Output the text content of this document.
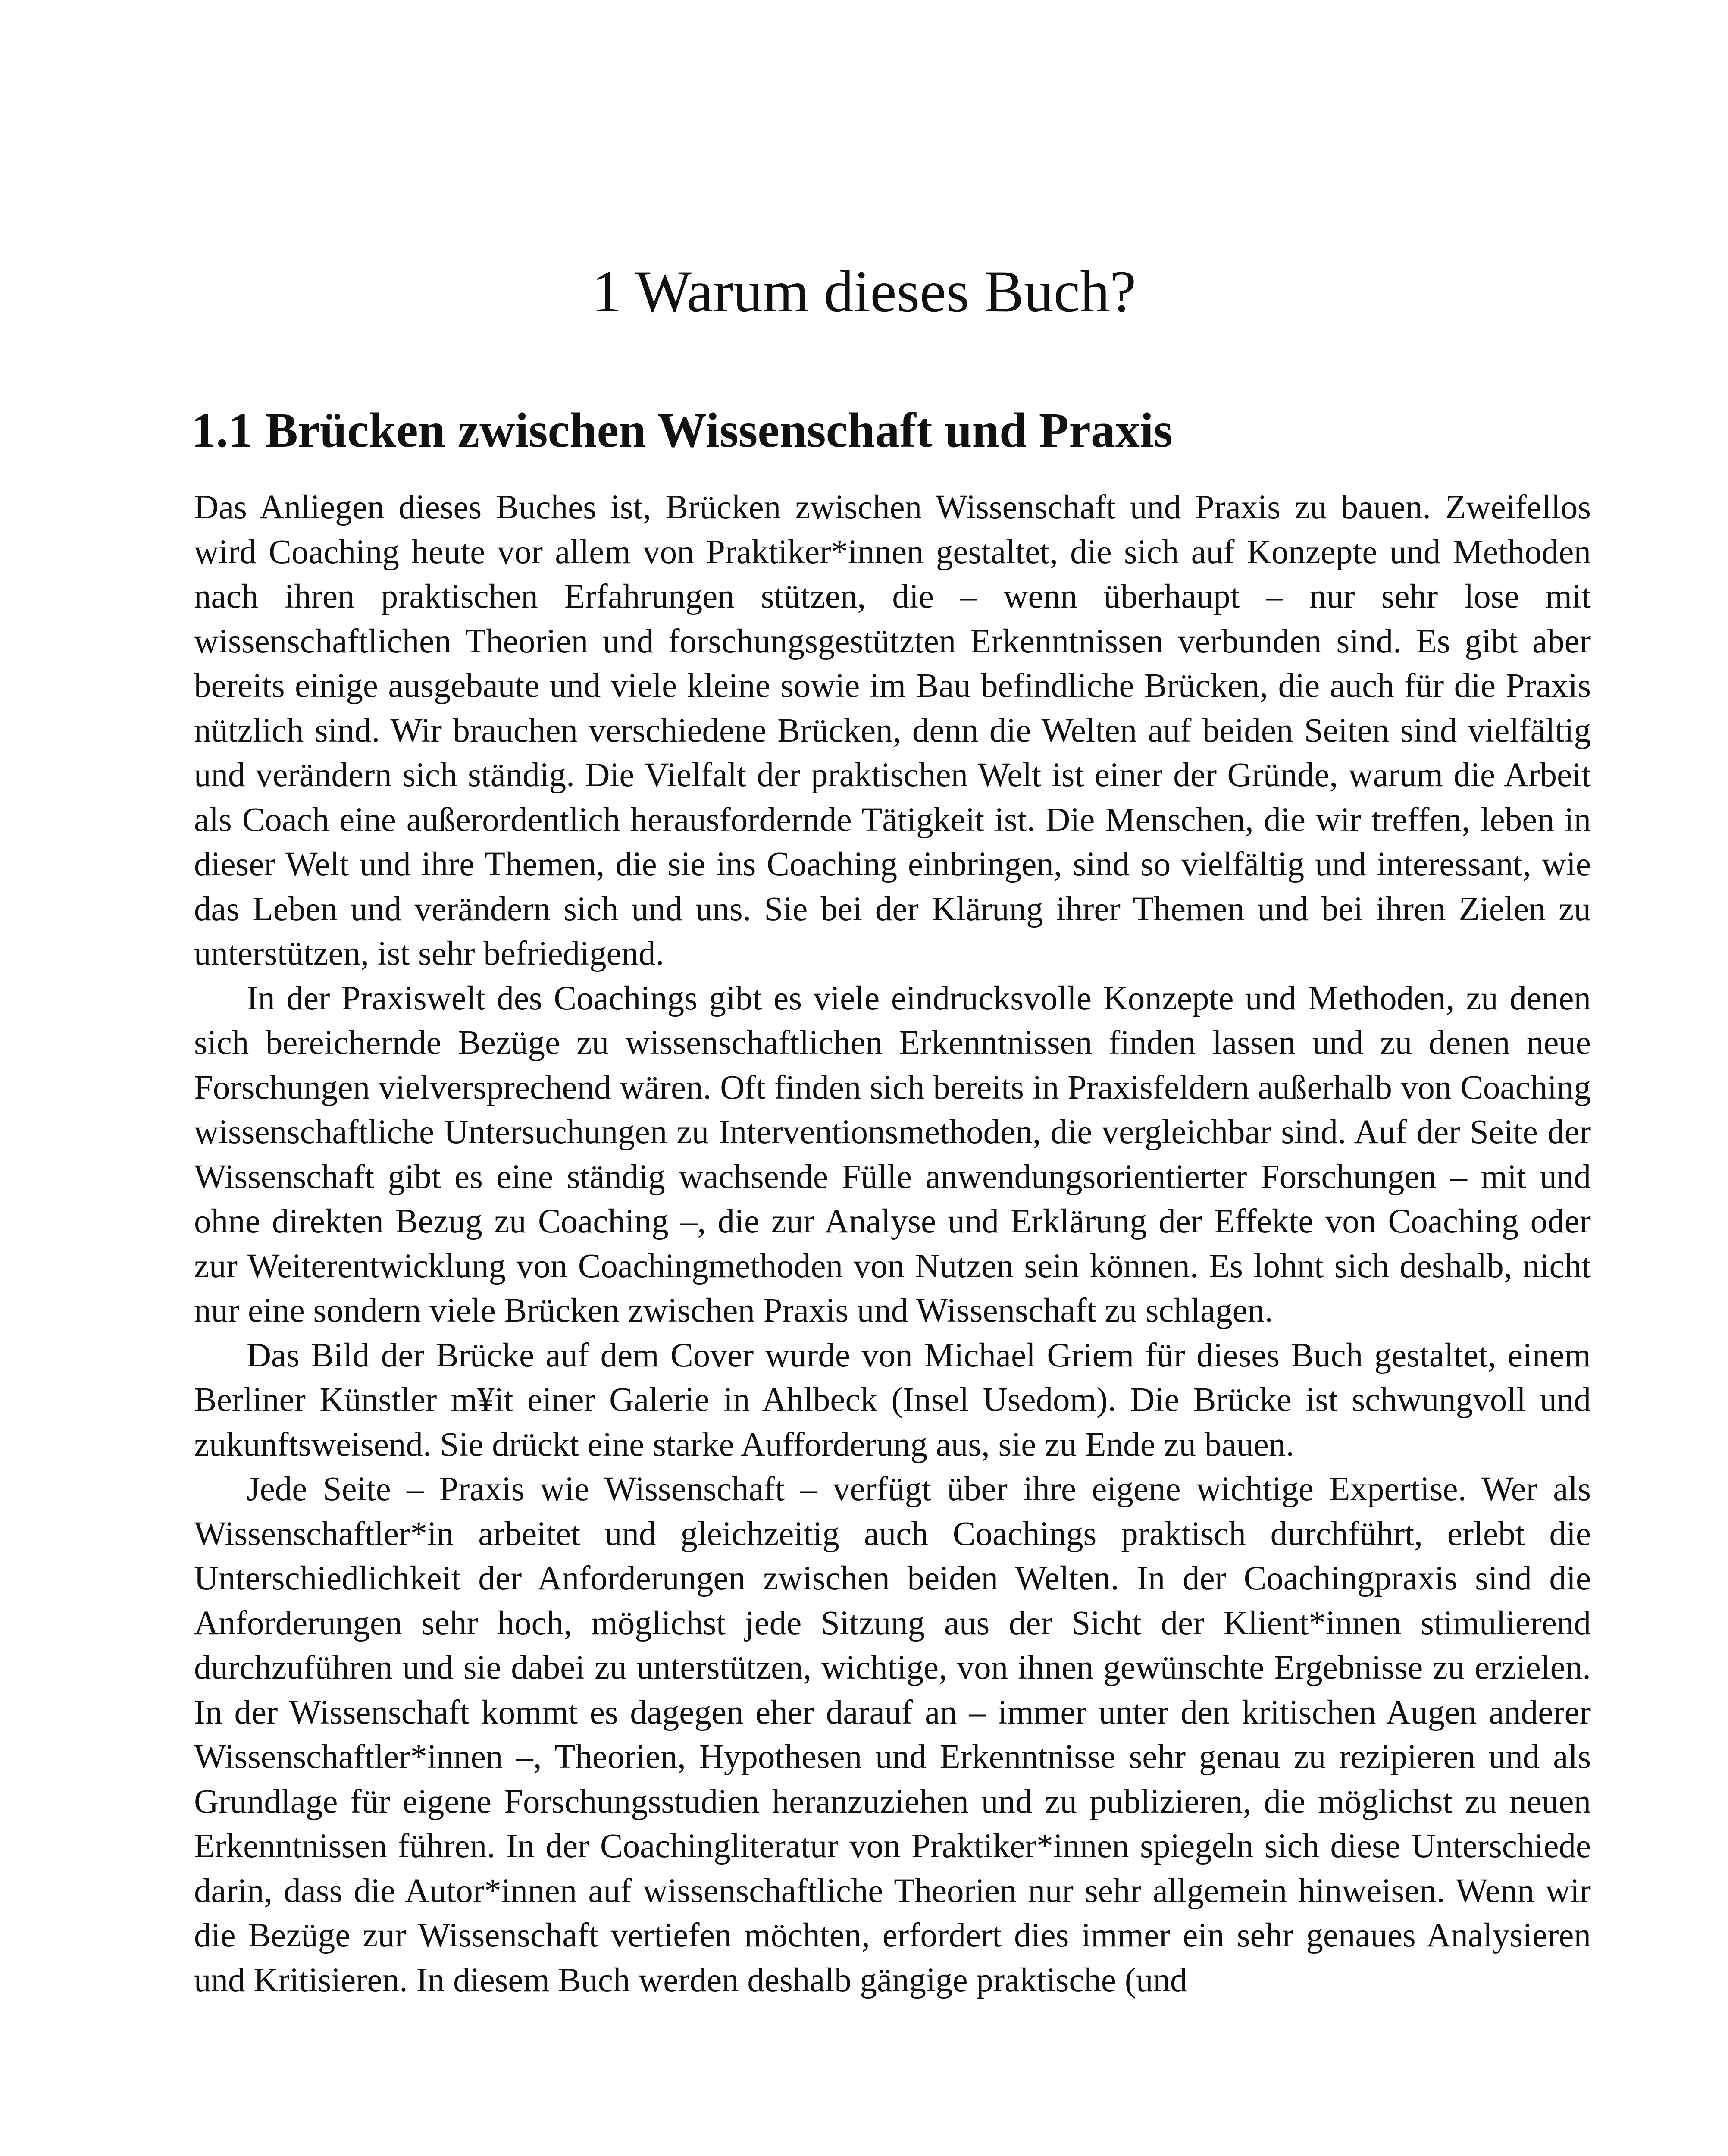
1 Warum dieses Buch?
1.1 Brücken zwischen Wissenschaft und Praxis

Das Anliegen dieses Buches ist, Brücken zwischen Wissenschaft und Praxis zu bauen. Zweifellos wird Coaching heute vor allem von Praktiker*innen gestaltet, die sich auf Konzepte und Methoden nach ihren praktischen Erfahrungen stützen, die – wenn überhaupt – nur sehr lose mit wissenschaftlichen Theorien und forschungsgestützten Erkenntnissen verbunden sind. Es gibt aber bereits einige ausgebaute und viele kleine sowie im Bau befindliche Brücken, die auch für die Praxis nützlich sind. Wir brauchen verschiedene Brücken, denn die Welten auf beiden Seiten sind vielfältig und verändern sich ständig. Die Vielfalt der praktischen Welt ist einer der Gründe, warum die Arbeit als Coach eine außerordentlich herausfordernde Tätigkeit ist. Die Menschen, die wir treffen, leben in dieser Welt und ihre Themen, die sie ins Coaching einbringen, sind so vielfältig und interessant, wie das Leben und verändern sich und uns. Sie bei der Klärung ihrer Themen und bei ihren Zielen zu unterstützen, ist sehr befriedigend.

In der Praxiswelt des Coachings gibt es viele eindrucksvolle Konzepte und Methoden, zu denen sich bereichernde Bezüge zu wissenschaftlichen Erkenntnissen finden lassen und zu denen neue Forschungen vielversprechend wären. Oft finden sich bereits in Praxisfeldern außerhalb von Coaching wissenschaftliche Untersuchungen zu Interventionsmethoden, die vergleichbar sind. Auf der Seite der Wissenschaft gibt es eine ständig wachsende Fülle anwendungsorientierter Forschungen – mit und ohne direkten Bezug zu Coaching –, die zur Analyse und Erklärung der Effekte von Coaching oder zur Weiterentwicklung von Coachingmethoden von Nutzen sein können. Es lohnt sich deshalb, nicht nur eine sondern viele Brücken zwischen Praxis und Wissenschaft zu schlagen.

Das Bild der Brücke auf dem Cover wurde von Michael Griem für dieses Buch gestaltet, einem Berliner Künstler m¥it einer Galerie in Ahlbeck (Insel Usedom). Die Brücke ist schwungvoll und zukunftsweisend. Sie drückt eine starke Aufforderung aus, sie zu Ende zu bauen.

Jede Seite – Praxis wie Wissenschaft – verfügt über ihre eigene wichtige Expertise. Wer als Wissenschaftler*in arbeitet und gleichzeitig auch Coachings praktisch durchführt, erlebt die Unterschiedlichkeit der Anforderungen zwischen beiden Welten. In der Coachingpraxis sind die Anforderungen sehr hoch, möglichst jede Sitzung aus der Sicht der Klient*innen stimulierend durchzuführen und sie dabei zu unterstützen, wichtige, von ihnen gewünschte Ergebnisse zu erzielen. In der Wissenschaft kommt es dagegen eher darauf an – immer unter den kritischen Augen anderer Wissenschaftler*innen –, Theorien, Hypothesen und Erkenntnisse sehr genau zu rezipieren und als Grundlage für eigene Forschungsstudien heranzuziehen und zu publizieren, die möglichst zu neuen Erkenntnissen führen. In der Coachingliteratur von Praktiker*innen spiegeln sich diese Unterschiede darin, dass die Autor*innen auf wissenschaftliche Theorien nur sehr allgemein hinweisen. Wenn wir die Bezüge zur Wissenschaft vertiefen möchten, erfordert dies immer ein sehr genaues Analysieren und Kritisieren. In diesem Buch werden deshalb gängige praktische (und
